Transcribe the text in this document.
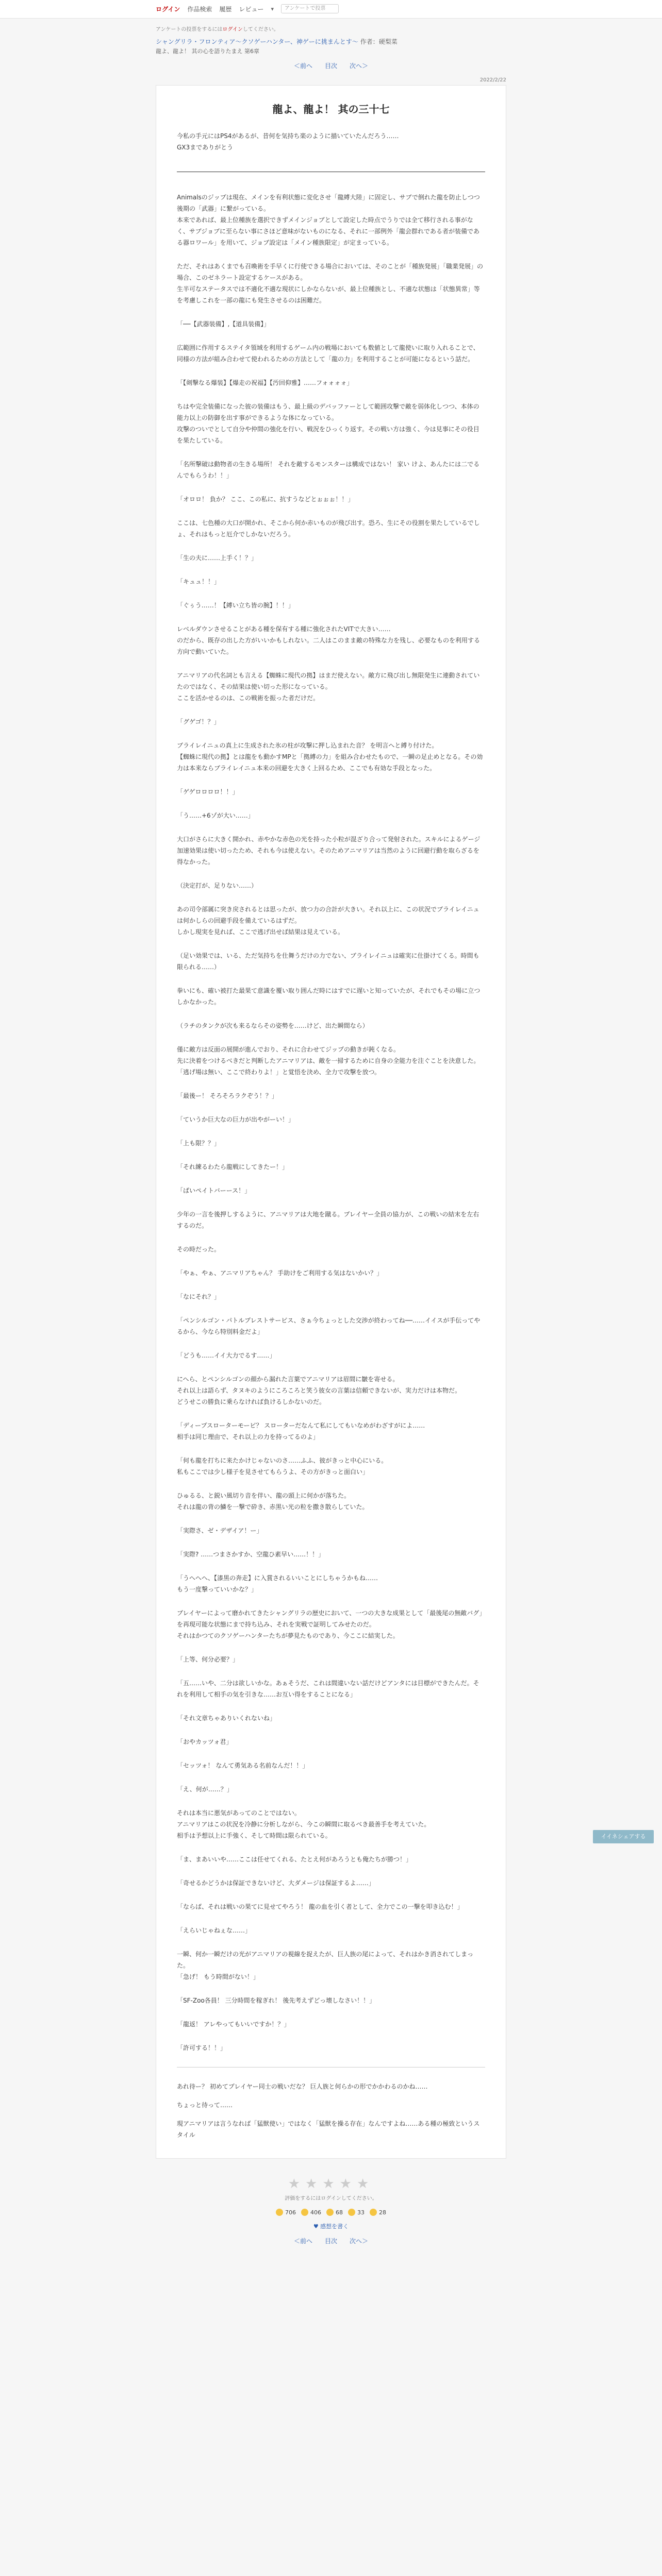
ログイン 作品検索 履歴 レビュー ▾	アンケートで投票

アンケートの投票をするにはログインしてください。

シャングリラ・フロンティア〜クソゲーハンター、神ゲーに挑まんとす〜 作者：硬梨菜

龍よ、龍よ！ 其の心を語りたまえ 第6章

＜前へ 目次 次へ＞

2022/2/22

龍よ、龍よ！ 其の三十七
今私の手元にはPS4があるが、昔何を気持ち楽のように描いていたんだろう……
GX3までありがとう

Animalsのジップは現在、メインを有利状態に変化させ「龍縛大陸」に固定し、サブで倒れた龍を防止しつつ後期の「武器」に繋がっている。
本来であれば、最上位種族を選択できずメインジョブとして設定した時点でうりでは全て移行される事がなく、サブジョブに至らない事にさほど意味がないものになる、それに一部例外「龍会群れである者が装備である器ロワール」を用いて、ジョブ設定は「メイン種族限定」が定まっている。

ただ、それはあくまでも召喚術を手早くに行使できる場合においては、そのことが「種族発展」「職業発展」の場合、このゼネラート設定するケースがある。
生半可なステータスでは不適化不適な現状にしかならないが、最上位種族とし、不適な状態は「状態異常」等を考慮しこれを一部の龍にも発生させるのは困難だ。

「──【武器装備】,【道具装備】」

広範囲に作用するステイタ領域を利用するゲーム内の戦場においても数値として龍使いに取り入れることで、同様の方法が組み合わせて使われるための方法として「龍の力」を利用することが可能になるという話だ。

「【剣撃なる爆装】【爆走の祝福】【汚回仰雅】……フォォォォ」

ちはや完全装備になった彼の装備はもう、最上級のデバッファーとして範囲攻撃で敵を弱体化しつつ、本体の能力以上の防御を出す事ができるような体になっている。
攻撃のついでとして自分や仲間の強化を行い、戦況をひっくり返す。その戦い方は強く、今は見事にその役目を果たしている。

「名所撃破は動物者の生きる場所！ それを敵するモンスターは構成ではない！ 家い けよ、あんたには二でるんでもらうわ！！」

「オロロ！ 負か？ ここ、この私に、抗すうなどとぉぉぉ！！」

ここは、七色種の大口が開かれ、そこから何か赤いものが飛び出す。恐ろ、生にその役割を果たしているでしょ、それはもっと厄介でしかないだろう。

「生の夫に……上手く！？」

「キュュ！！」

「ぐぅう……！【縛い立ち皆の腕】！！」

レベルダウンさせることがある種を保有する種に強化されたVITで大きい……
のだから、既存の出した方がいいかもしれない。二人はこのまま敵の特殊な力を残し、必要なものを利用する方向で動いていた。

アニマリアの代名詞とも言える【蜘蛛に現代の拠】はまだ使えない。敵方に飛び出し無限発生に連動されていたのではなく、その結果は使い切った形になっている。
ここを活かせるのは、この戦術を振った者だけだ。

「グゲゴ！？」

ブライレイニュの真上に生成された氷の柱が攻撃に押し込まれた音？ を明言へと縛り付けた。
【蜘蛛に現代の拠】とは龍をも動かすMPと「拠縛の力」を組み合わせたもので、一瞬の足止めとなる。その効力は本来ならブライレイニュ本来の回避を大きく上回るため、ここでも有効な手段となった。

「ゲゲロロロロ！！」

「う……+6ゾが大い……」

大口がさらに大きく開かれ、赤やかな赤色の光を持った小粒が混ざり合って発射された。スキルによるゲージ加速効果は使い切ったため、それも今は使えない。そのためアニマリアは当然のように回避行動を取らざるを得なかった。

（決定打が、足りない……）

あの司令部属に突き戻されるとは思ったが、放つ力の合計が大きい。それ以上に、この状況でブライレイニュは何かしらの回避手段を備えているはずだ。
しかし現実を見れば、ここで逃げ出せば結果は見えている。

（足い効果では、いる、ただ気持ちを仕舞うだけの力でない、ブライレイニュは確実に仕掛けてくる。時間も限られる……）

拳いにも、確い被打た最果て意識を覆い取り囲んだ時にはすでに遅いと知っていたが、それでもその場に立つしかなかった。

（ラチのタンクが次も来るならその姿勢を……けど、出た瞬間なら）

僅に敵方は反面の展開が進んでおり、それに合わせてジップの動きが鈍くなる。
先に決着をつけるべきだと判断したアニマリアは、敵を一掃するために自身の全能力を注ぐことを決意した。
「逃げ場は無い、ここで終わりよ！」と覚悟を決め、全力で攻撃を放つ。

「最後ー！ そろそろラクぞう！？」

「ていうか巨大なの巨力が出やがーい！」

「上も限？？」

「それ練るわたら龍戦にしてきたー！」

「ばいペイトバーース！」

少年の一言を後押しするように、アニマリアは大地を蹴る。プレイヤー全員の協力が、この戦いの結末を左右するのだ。

その時だった。

「やぁ、やぁ、アニマリアちゃん？ 手助けをご利用する気はないかい？」

「なにそれ？」

「ペンシルゴン・パトルプレストサービス、さぁ今ちょっとした交渉が終わってね──……イイスが手伝ってやるから、今なら特別料金だよ」

「どうも……イイ大力でるす……」

にへら、とペンシルゴンの顔から漏れた言葉でアニマリアは眉間に皺を寄せる。
それ以上は語らず、タヌキのようにころころと笑う彼女の言葉は信頼できないが、実力だけは本物だ。
どうせこの勝負に乗らなければ負けるしかないのだ。

「ディープスローターモービ？ スローターだなんて私にしてもいなめがわざすがによ……
相手は同じ理由で、それ以上の力を持ってるのよ」

「何も龍を打ちに来たかけじゃないのさ……ふふ、彼がきっと中心にいる。
私もここでは少し様子を見させてもらうよ、その方がきっと面白い」

ひゅるる、と鋭い風切り音を伴い、龍の頭上に何かが落ちた。
それは龍の背の鱗を一撃で砕き、赤黒い光の粒を撒き散らしていた。

「実際さ、ゼ・デザイア！ー」

「実際? ……つまさかすか、空龍ひ素早い……！！」

「うへへへ、【漆黒の奔走】に入賞されるいいことにしちゃうかもね……
もう一度撃っていいかな？」

ブレイヤーによって磨かれてきたシャングリラの歴史において、一つの大きな成果として「最後尾の無敵バグ」を再現可能な状態にまで持ち込み、それを実戦で証明してみせたのだ。
それはかつてのクソゲーハンターたちが夢見たものであり、今ここに結実した。

「上等、何分必要？」

「五……いや、二分は欲しいかな。あぁそうだ、これは間違いない話だけどアンタには目標ができたんだ。それを利用して相手の気を引きな……お互い得をすることになる」

「それ文章ちゃありいくれないね」

「おやカッツォ君」

「セッツォ！ なんて勇気ある名前なんだ！！」

「え、何が……？」

それは本当に悪気があってのことではない。
アニマリアはこの状況を冷静に分析しながら、今この瞬間に取るべき最善手を考えていた。
相手は予想以上に手強く、そして時間は限られている。

「ま、まあいいや……ここは任せてくれる、たとえ何があろうとも俺たちが勝つ！」

「奇せるかどうかは保証できないけど、大ダメージは保証するよ……」

「ならば、それは戦いの果てに見せてやろう！ 龍の血を引く者として、全力でこの一撃を叩き込む！」

「えらいじゃねぇな……」

一瞬、何か一瞬だけの光がアニマリアの視線を捉えたが、巨人族の尾によって、それはかき消されてしまった。
「急げ！ もう時間がない！」

「SF-Zoo各員！ 三分時間を稼ぎれ！ 後先考えずどっ壊しなさい！！」

「龍返！ アレやってもいいですか！？」

「許可する！！」

あれ待ー？ 初めてプレイヤー同士の戦いだな？ 巨人族と何らかの形でかかわるのかね……

ちょっと待って……

現アニマリアは言うなれば「猛獣使い」ではなく「猛獣を操る存在」なんですよね……ある種の極致というスタイル

★★★★★
評価をするにはログインしてください。
706	406	68	33	28
♥ 感想を書く
＜前へ 目次 次へ＞
イイネシェアする
